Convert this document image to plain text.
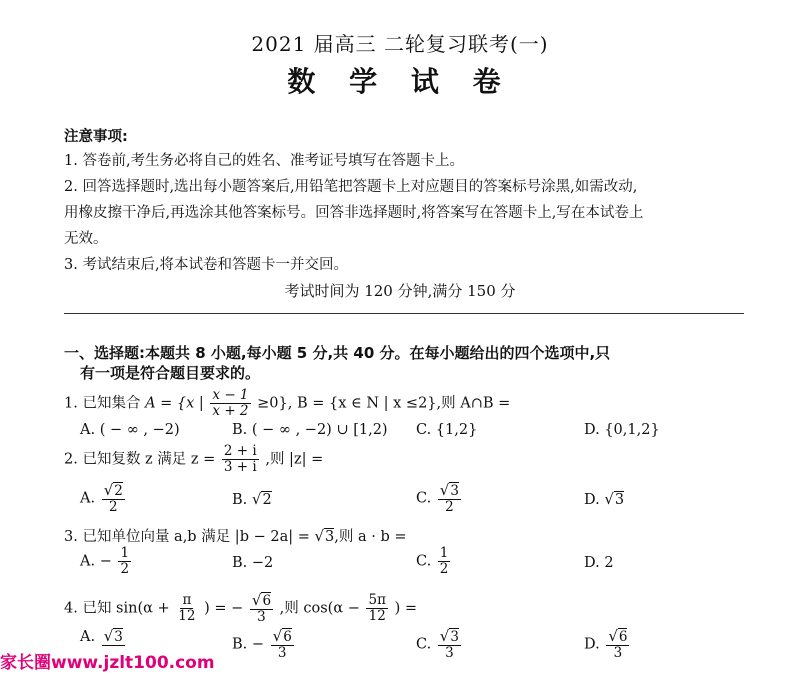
2021 届高三 二轮复习联考(一)
数 学 试 卷
注意事项:
1. 答卷前,考生务必将自己的姓名、准考证号填写在答题卡上。
2. 回答选择题时,选出每小题答案后,用铅笔把答题卡上对应题目的答案标号涂黑,如需改动,
用橡皮擦干净后,再选涂其他答案标号。回答非选择题时,将答案写在答题卡上,写在本试卷上
无效。
3. 考试结束后,将本试卷和答题卡一并交回。
考试时间为 120 分钟,满分 150 分
一、选择题:本题共 8 小题,每小题 5 分,共 40 分。在每小题给出的四个选项中,只
有一项是符合题目要求的。
1. 已知集合 A = {x | $\frac{x - 1}{x + 2} \ge 0$}, B = {x ∈ N | x ≤2},则 A∩B =
A. ( − ∞ , −2)	B. ( − ∞ , −2) ∪ [1,2) C. {1,2}	D. {0,1,2}
2. 已知复数 z 满足 $z = \frac{2 + i}{3 + i}$ ,则 |z| =
A. $\frac{√2}{2}$	B. √2	C. $\frac{√3}{2}$	D. √3
3. 已知单位向量 a,b 满足 |b − 2a| = √3,则 a · b =
A. − $\frac{1}{2}$	B. −2	C. $\frac{1}{2}$	D. 2
4. 已知 $\sin(\alpha + \frac{\pi}{12}$ ) = − $\frac{√6}{3}$ ,则 $\cos(\alpha - \frac{5\pi}{12}$ ) =
A. √3	B. − $\frac{√6}{3}$	C. $\frac{√3}{3}$	D. $\frac{√6}{3}$
家长圈www.jzlt100.com
